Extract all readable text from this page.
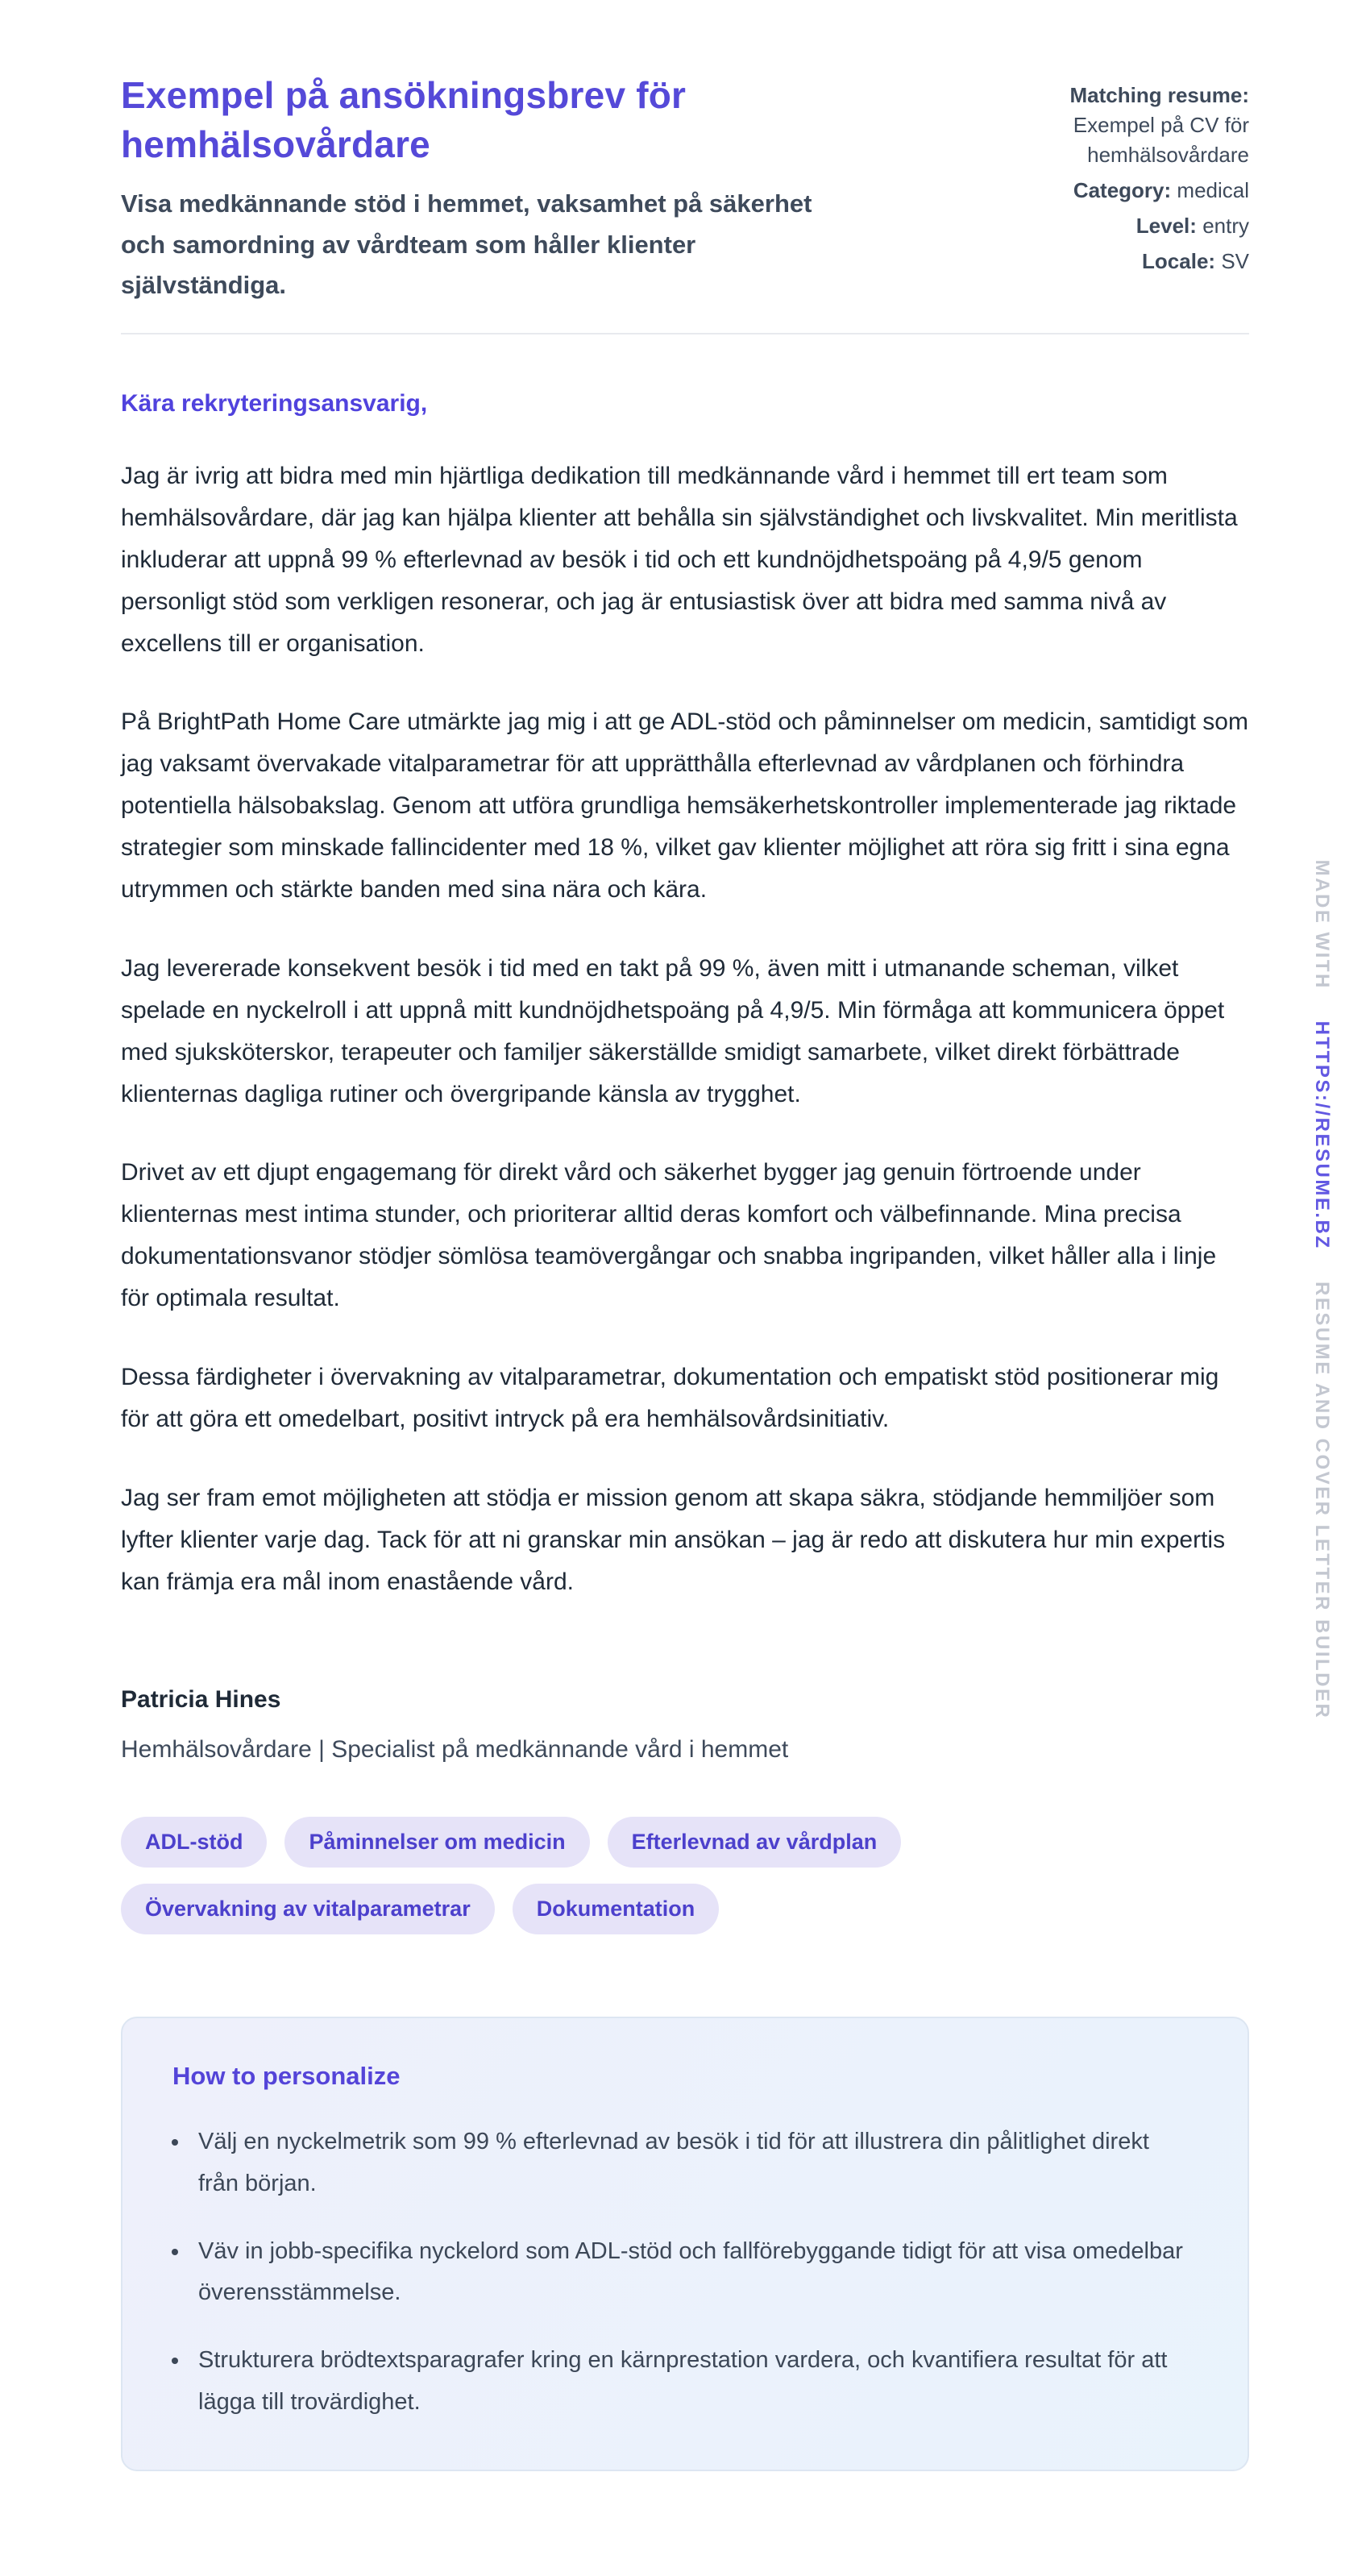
Exempel på ansökningsbrev för hemhälsovårdare
Visa medkännande stöd i hemmet, vaksamhet på säkerhet och samordning av vårdteam som håller klienter självständiga.
Matching resume:
Exempel på CV för hemhälsovårdare
Category: medical
Level: entry
Locale: SV
Kära rekryteringsansvarig,

Jag är ivrig att bidra med min hjärtliga dedikation till medkännande vård i hemmet till ert team som hemhälsovårdare, där jag kan hjälpa klienter att behålla sin självständighet och livskvalitet. Min meritlista inkluderar att uppnå 99 % efterlevnad av besök i tid och ett kundnöjdhetspoäng på 4,9/5 genom personligt stöd som verkligen resonerar, och jag är entusiastisk över att bidra med samma nivå av excellens till er organisation.

På BrightPath Home Care utmärkte jag mig i att ge ADL-stöd och påminnelser om medicin, samtidigt som jag vaksamt övervakade vitalparametrar för att upprätthålla efterlevnad av vårdplanen och förhindra potentiella hälsobakslag. Genom att utföra grundliga hemsäkerhetskontroller implementerade jag riktade strategier som minskade fallincidenter med 18 %, vilket gav klienter möjlighet att röra sig fritt i sina egna utrymmen och stärkte banden med sina nära och kära.

Jag levererade konsekvent besök i tid med en takt på 99 %, även mitt i utmanande scheman, vilket spelade en nyckelroll i att uppnå mitt kundnöjdhetspoäng på 4,9/5. Min förmåga att kommunicera öppet med sjuksköterskor, terapeuter och familjer säkerställde smidigt samarbete, vilket direkt förbättrade klienternas dagliga rutiner och övergripande känsla av trygghet.

Drivet av ett djupt engagemang för direkt vård och säkerhet bygger jag genuin förtroende under klienternas mest intima stunder, och prioriterar alltid deras komfort och välbefinnande. Mina precisa dokumentationsvanor stödjer sömlösa teamövergångar och snabba ingripanden, vilket håller alla i linje för optimala resultat.

Dessa färdigheter i övervakning av vitalparametrar, dokumentation och empatiskt stöd positionerar mig för att göra ett omedelbart, positivt intryck på era hemhälsovårdsinitiativ.

Jag ser fram emot möjligheten att stödja er mission genom att skapa säkra, stödjande hemmiljöer som lyfter klienter varje dag. Tack för att ni granskar min ansökan – jag är redo att diskutera hur min expertis kan främja era mål inom enastående vård.

Patricia Hines
Hemhälsovårdare | Specialist på medkännande vård i hemmet
ADL-stöd	Påminnelser om medicin	Efterlevnad av vårdplan
Övervakning av vitalparametrar	Dokumentation
How to personalize
• Välj en nyckelmetrik som 99 % efterlevnad av besök i tid för att illustrera din pålitlighet direkt från början.
• Väv in jobb-specifika nyckelord som ADL-stöd och fallförebyggande tidigt för att visa omedelbar överensstämmelse.
• Strukturera brödtextsparagrafer kring en kärnprestation vardera, och kvantifiera resultat för att lägga till trovärdighet.
MADE WITH HTTPS://RESUME.BZ RESUME AND COVER LETTER BUILDER
